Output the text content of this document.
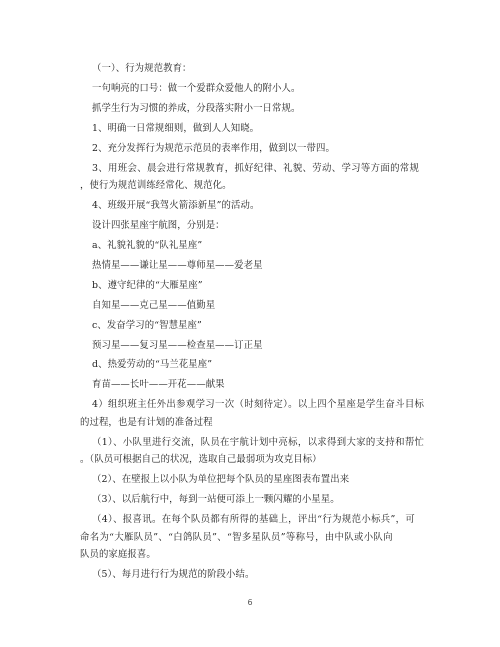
（一）、行为规范教育：
一句响亮的口号：做一个爱群众爱他人的附小人。
抓学生行为习惯的养成，分段落实附小一日常规。
1、明确一日常规细则，做到人人知晓。
2、充分发挥行为规范示范员的表率作用，做到以一带四。
3、用班会、晨会进行常规教育，抓好纪律、礼貌、劳动、学习等方面的常规
，使行为规范训练经常化、规范化。
4、班级开展“我驾火箭添新星”的活动。
设计四张星座宇航图，分别是：
a、礼貌礼貌的“队礼星座”
热情星——谦让星——尊师星——爱老星
b、遵守纪律的“大雁星座”
自知星——克己星——值勤星
c、发奋学习的“智慧星座”
预习星——复习星——检查星——订正星
d、热爱劳动的“马兰花星座”
育苗——长叶——开花——献果
4）组织班主任外出参观学习一次（时刻待定）。以上四个星座是学生奋斗目标
的过程，也是有计划的准备过程
（1）、小队里进行交流，队员在宇航计划中亮标，以求得到大家的支持和帮忙
。（队员可根据自己的状况，选取自己最弱项为攻克目标）
（2）、在壁报上以小队为单位把每个队员的星座图表布置出来
（3）、以后航行中，每到一站便可添上一颗闪耀的小星星。
（4）、报喜讯。在每个队员都有所得的基础上，评出“行为规范小标兵”，可
命名为“大雁队员”、“白鸽队员”、“智多星队员”等称号，由中队或小队向
队员的家庭报喜。
（5）、每月进行行为规范的阶段小结。
6
